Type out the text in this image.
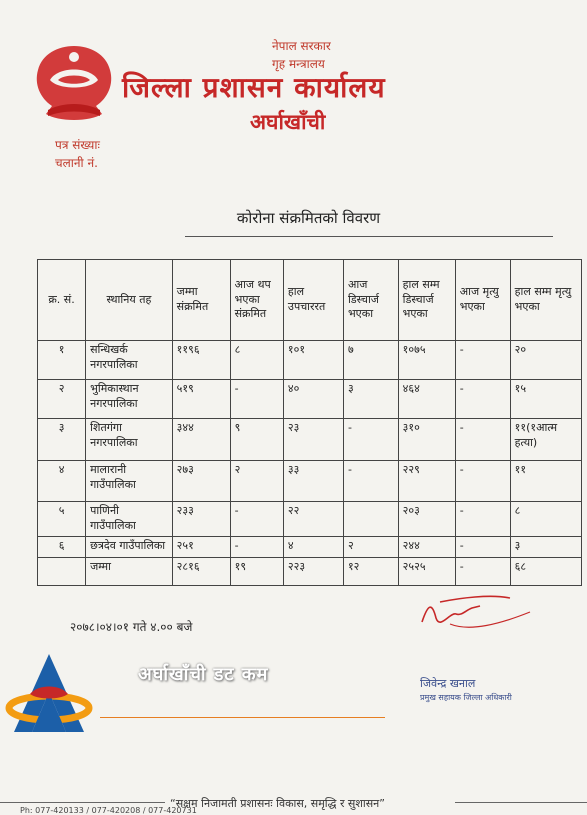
नेपाल सरकार
गृह मन्त्रालय
जिल्ला प्रशासन कार्यालय
अर्घाखाँची
पत्र संख्याः
चलानी नं.
कोरोना संक्रमितको विवरण
क्र. सं.	स्थानिय तह	जम्मा संक्रमित	आज थप भएका संक्रमित	हाल उपचाररत	आज डिस्चार्ज भएका	हाल सम्म डिस्चार्ज भएका	आज मृत्यु भएका	हाल सम्म मृत्यु भएका
१	सन्धिखर्क नगरपालिका	११९६	८	१०१	७	१०७५	-	२०
२	भुमिकास्थान नगरपालिका	५१९	-	४०	३	४६४	-	१५
३	शितगंगा नगरपालिका	३४४	९	२३	-	३१०	-	११(१आत्म हत्या)
४	मालारानी गाउँपालिका	२७३	२	३३	-	२२९	-	११
५	पाणिनी गाउँपालिका	२३३	-	२२		२०३	-	८
६	छत्रदेव गाउँपालिका	२५१	-	४	२	२४४	-	३
	जम्मा	२८१६	१९	२२३	१२	२५२५	-	६८
२०७८।०४।०१ गते ४.०० बजे
जिवेन्द्र खनाल
प्रमुख सहायक जिल्ला अधिकारी
अर्घाखाँची डट कम
“सक्षम निजामती प्रशासनः विकास, समृद्धि र सुशासन”
Ph: 077-420133 / 077-420208 / 077-420731
